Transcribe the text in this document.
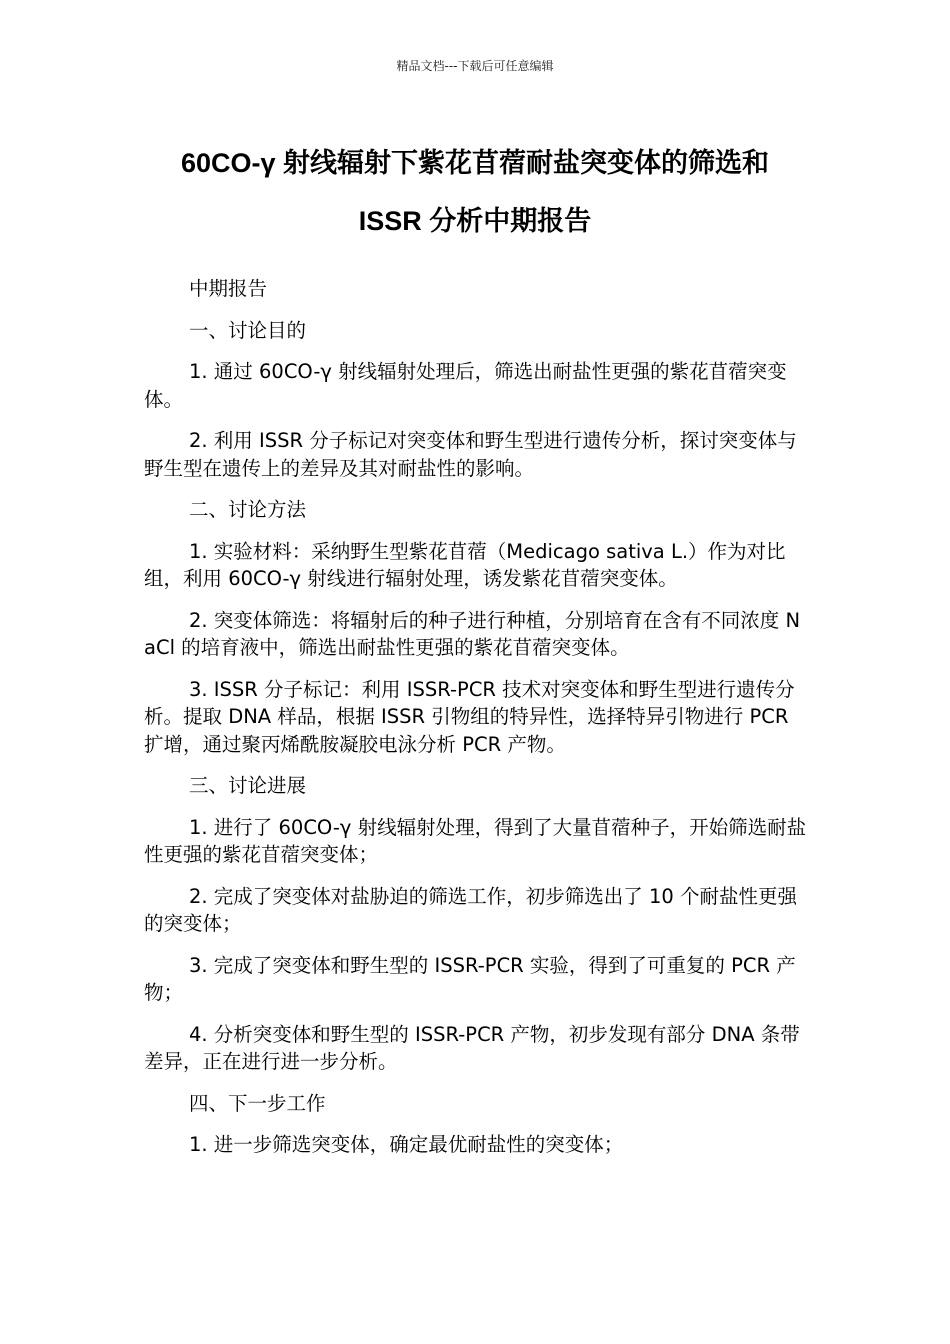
精品文档---下载后可任意编辑
60CO-γ 射线辐射下紫花苜蓿耐盐突变体的筛选和
ISSR 分析中期报告

中期报告

一、讨论目的

1. 通过 60CO-γ 射线辐射处理后，筛选出耐盐性更强的紫花苜蓿突变体。

2. 利用 ISSR 分子标记对突变体和野生型进行遗传分析，探讨突变体与野生型在遗传上的差异及其对耐盐性的影响。

二、讨论方法

1. 实验材料：采纳野生型紫花苜蓿（Medicago sativa L.）作为对比组，利用 60CO-γ 射线进行辐射处理，诱发紫花苜蓿突变体。

2. 突变体筛选：将辐射后的种子进行种植，分别培育在含有不同浓度 NaCl 的培育液中，筛选出耐盐性更强的紫花苜蓿突变体。

3. ISSR 分子标记：利用 ISSR-PCR 技术对突变体和野生型进行遗传分析。提取 DNA 样品，根据 ISSR 引物组的特异性，选择特异引物进行 PCR 扩增，通过聚丙烯酰胺凝胶电泳分析 PCR 产物。

三、讨论进展

1. 进行了 60CO-γ 射线辐射处理，得到了大量苜蓿种子，开始筛选耐盐性更强的紫花苜蓿突变体；

2. 完成了突变体对盐胁迫的筛选工作，初步筛选出了 10 个耐盐性更强的突变体；

3. 完成了突变体和野生型的 ISSR-PCR 实验，得到了可重复的 PCR 产物；

4. 分析突变体和野生型的 ISSR-PCR 产物，初步发现有部分 DNA 条带差异，正在进行进一步分析。

四、下一步工作

1. 进一步筛选突变体，确定最优耐盐性的突变体；
